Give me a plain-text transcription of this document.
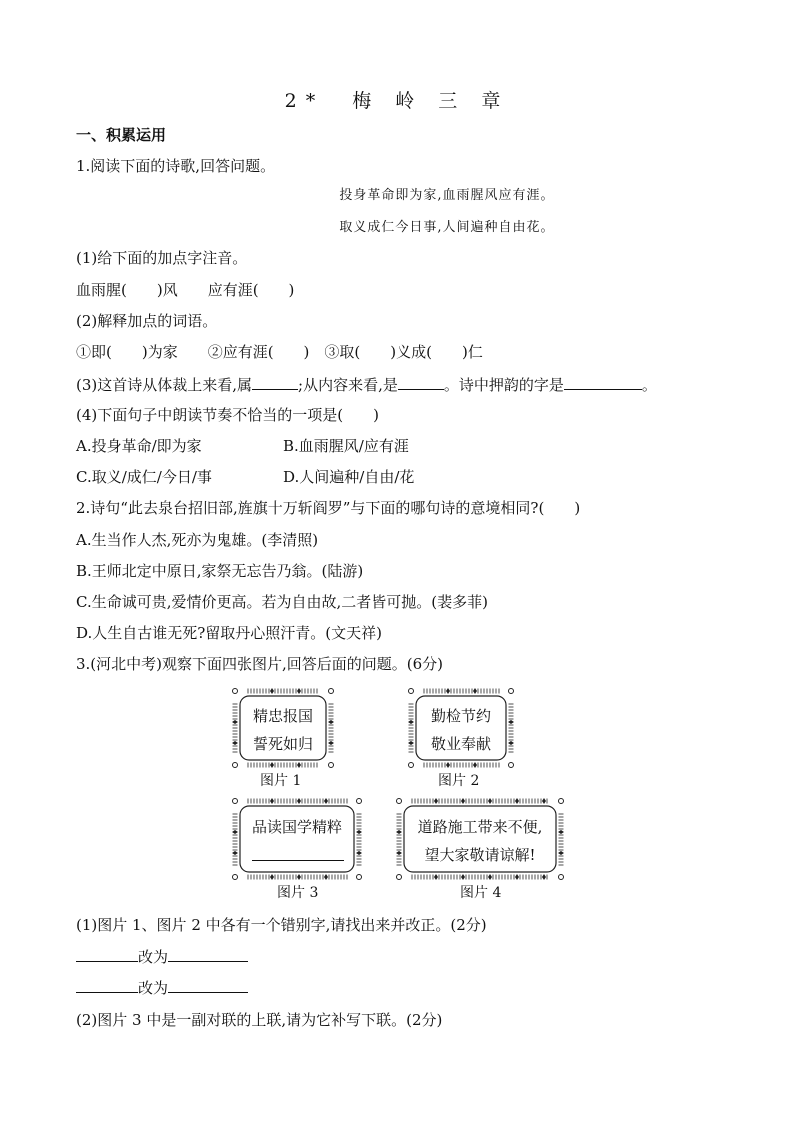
2*　梅 岭 三 章
一、积累运用
1.阅读下面的诗歌,回答问题。
投身革命即为家,血雨腥风应有涯。
取义成仁今日事,人间遍种自由花。
(1)给下面的加点字注音。
血雨腥(　　)风　　应有涯(　　)
(2)解释加点的词语。
①即(　　)为家　　②应有涯(　　)　③取(　　)义成(　　)仁
(3)这首诗从体裁上来看,属	;从内容来看,是	。诗中押韵的字是	。
(4)下面句子中朗读节奏不恰当的一项是(　　)
A.投身革命/即为家	B.血雨腥风/应有涯
C.取义/成仁/今日/事	D.人间遍种/自由/花
2.诗句“此去泉台招旧部,旌旗十万斩阎罗”与下面的哪句诗的意境相同?(　　)
A.生当作人杰,死亦为鬼雄。(李清照)
B.王师北定中原日,家祭无忘告乃翁。(陆游)
C.生命诚可贵,爱情价更高。若为自由故,二者皆可抛。(裴多菲)
D.人生自古谁无死?留取丹心照汗青。(文天祥)
3.(河北中考)观察下面四张图片,回答后面的问题。(6分)
精忠报国
誓死如归
图片 1
勤检节约
敬业奉献
图片 2
品读国学精粹
图片 3
道路施工带来不便,
望大家敬请谅解!
图片 4
(1)图片 1、图片 2 中各有一个错别字,请找出来并改正。(2分)
改为
改为
(2)图片 3 中是一副对联的上联,请为它补写下联。(2分)
